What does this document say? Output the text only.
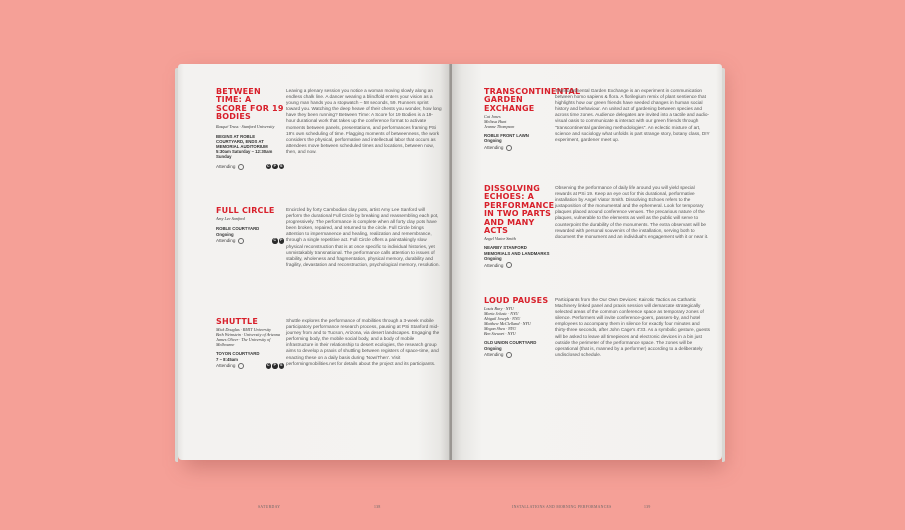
BETWEEN TIME: A SCORE FOR 19 BODIES
Rasqué Truss · Stanford University
BEGINS AT ROBLE COURTYARD, ENDS AT MEMORIAL AUDITORIUM
5:30am Saturday – 12:30am Sunday
Attending	C	P	S
Leaving a plenary session you notice a woman moving slowly along an endless chalk line. A dancer wearing a blindfold enters your vision as a young man hands you a stopwatch – 58 seconds, 59. Runners sprint toward you. Watching the deep heave of their chests you wonder, how long have they been running? Between Time: A Score for 19 Bodies is a 19-hour durational work that takes up the conference format to activate moments between panels, presentations, and performances framing PSi 19's own scheduling of time. Flagging moments of betweenness, the work considers the physical, performative and intellectual labor that occurs as attendees move between scheduled times and locations, between now, then, and now.
FULL CIRCLE
Amy Lee Sanford
ROBLE COURTYARD
Ongoing
Attending	C	P
Encircled by forty Cambodian clay pots, artist Amy Lee Sanford will perform the durational Full Circle by breaking and reassembling each pot, progressively. The performance is complete when all forty clay pots have been broken, repaired, and returned to the circle. Full Circle brings attention to impermanence and healing, realization and remembrance, through a single repetitive act. Full Circle offers a painstakingly slow physical reconstruction that is at once specific to individual histories, yet unmistakably transnational. The performance calls attention to issues of stability, wholeness and fragmentation, physical memory, durability and fragility, devastation and reconstruction, psychological memory, resolution.
SHUTTLE
Mick Douglas · RMIT University
Beth Weinstein · University of Arizona
James Oliver · The University of Melbourne
TOYON COURTYARD
7 – 8:45am
Attending	C	P	S
Shuttle explores the performance of mobilities through a 3-week mobile participatory performance research process, pausing at PSi Stanford mid-journey from and to Tucson, Arizona, via desert landscapes. Engaging the performing body, the mobile social body, and a body of mobile infrastructure in their relationship to desert ecologies, the research group aims to develop a praxis of shuttling between registers of space-time, and enacting these on a daily basis during 'Now/Then'. Visit performingmobilities.net for details about the project and its participants.
SATURDAY	138
TRANSCONTINENTAL GARDEN EXCHANGE
Cat Jones
Melissa Hunt
Jeanne Thompson
ROBLE FRONT LAWN
Ongoing
Attending
Transcontinental Garden Exchange is an experiment in communication between homo sapiens & flora. A florilegium remix of plant sentience that highlights how our green friends have seeded changes in human social history and behaviour. An united act of gardening between species and across time zones. Audience delegates are invited into a tactile and audio-visual oasis to communicate & interact with our green friends through "transcontinental gardening methodologies". An eclectic mixture of art, science and sociology what unfolds is part strange story, botany class, DIY experiment, gardener meet up.
DISSOLVING ECHOES: A PERFORMANCE IN TWO PARTS AND MANY ACTS
Angel Viator Smith
NEARBY STANFORD MEMORIALS AND LANDMARKS
Ongoing
Attending
Observing the performance of daily life around you will yield special rewards at PSi 19. Keep an eye out for this durational, performative installation by Angel Viator Smith. Dissolving Echoes refers to the juxtaposition of the monumental and the ephemeral. Look for temporary plaques placed around conference venues. The precarious nature of the plaques, vulnerable to the elements as well as the public will serve to counterpoint the durability of the monuments. The extra observant will be rewarded with personal souvenirs of the installation, serving both to document the monument and an individual's engagement with it or near it.
LOUD PAUSES
Louis Bury · NYU
Maria Jelusic · NYU
Abigail Joseph · NYU
Matthew McClelland · NYU
Megan Shea · NYU
Ben Stewart · NYU
OLD UNION COURTYARD
Ongoing
Attending
Participants from the Our Own Devices: Kairotic Tactics as Cathartic Machinery linked panel and praxis session will demarcate strategically selected areas of the common conference space as temporary zones of silence. Performers will invite conference-goers, passers-by, and hotel employees to accompany them in silence for exactly four minutes and thirty-three seconds, after John Cage's 4'33. As a symbolic gesture, guests will be asked to leave all timepieces and electronic devices in a bin just outside the perimeter of the performance space. The zones will be operational (that is, manned by a performer) according to a deliberately undisclosed schedule.
INSTALLATIONS AND MORNING PERFORMANCES	139
